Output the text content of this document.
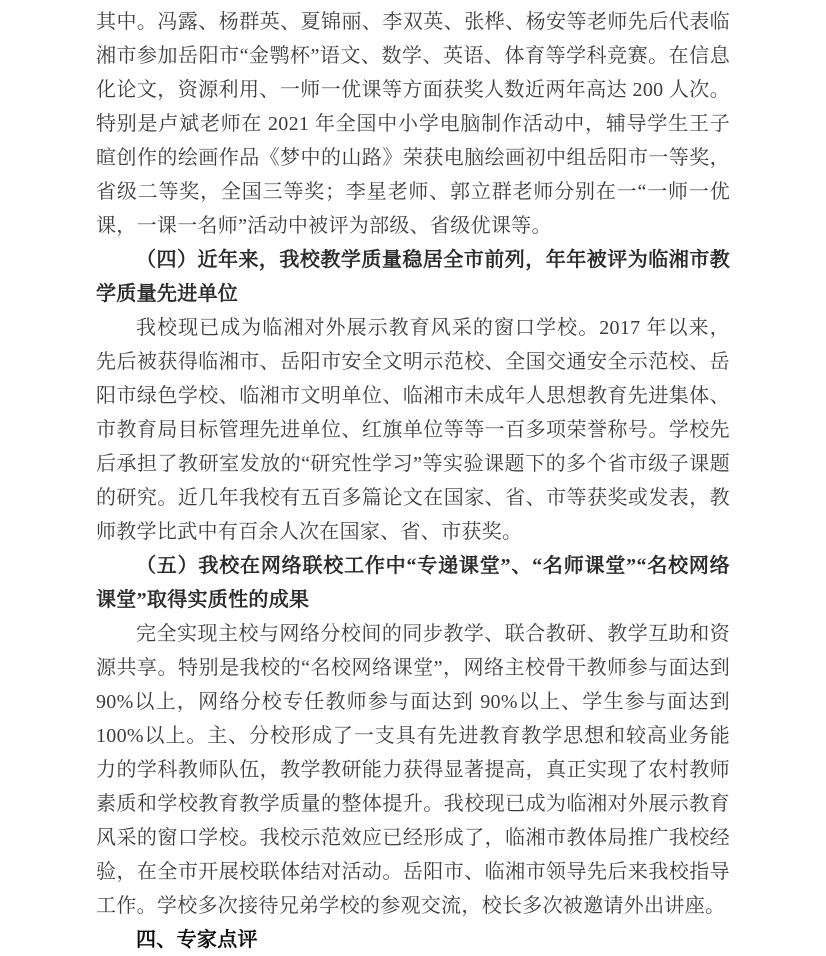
其中。冯露、杨群英、夏锦丽、李双英、张桦、杨安等老师先后代表临湘市参加岳阳市“金鹗杯”语文、数学、英语、体育等学科竞赛。在信息化论文，资源利用、一师一优课等方面获奖人数近两年高达 200 人次。特别是卢斌老师在 2021 年全国中小学电脑制作活动中，辅导学生王子暄创作的绘画作品《梦中的山路》荣获电脑绘画初中组岳阳市一等奖，省级二等奖，全国三等奖；李星老师、郭立群老师分别在一“一师一优课，一课一名师”活动中被评为部级、省级优课等。

（四）近年来，我校教学质量稳居全市前列，年年被评为临湘市教学质量先进单位

我校现已成为临湘对外展示教育风采的窗口学校。2017 年以来，先后被获得临湘市、岳阳市安全文明示范校、全国交通安全示范校、岳阳市绿色学校、临湘市文明单位、临湘市未成年人思想教育先进集体、市教育局目标管理先进单位、红旗单位等等一百多项荣誉称号。学校先后承担了教研室发放的“研究性学习”等实验课题下的多个省市级子课题的研究。近几年我校有五百多篇论文在国家、省、市等获奖或发表，教师教学比武中有百余人次在国家、省、市获奖。

（五）我校在网络联校工作中“专递课堂”、“名师课堂”“名校网络课堂”取得实质性的成果

完全实现主校与网络分校间的同步教学、联合教研、教学互助和资源共享。特别是我校的“名校网络课堂”，网络主校骨干教师参与面达到 90%以上，网络分校专任教师参与面达到 90%以上、学生参与面达到 100%以上。主、分校形成了一支具有先进教育教学思想和较高业务能力的学科教师队伍，教学教研能力获得显著提高，真正实现了农村教师素质和学校教育教学质量的整体提升。我校现已成为临湘对外展示教育风采的窗口学校。我校示范效应已经形成了，临湘市教体局推广我校经验，在全市开展校联体结对活动。岳阳市、临湘市领导先后来我校指导工作。学校多次接待兄弟学校的参观交流，校长多次被邀请外出讲座。

四、专家点评
